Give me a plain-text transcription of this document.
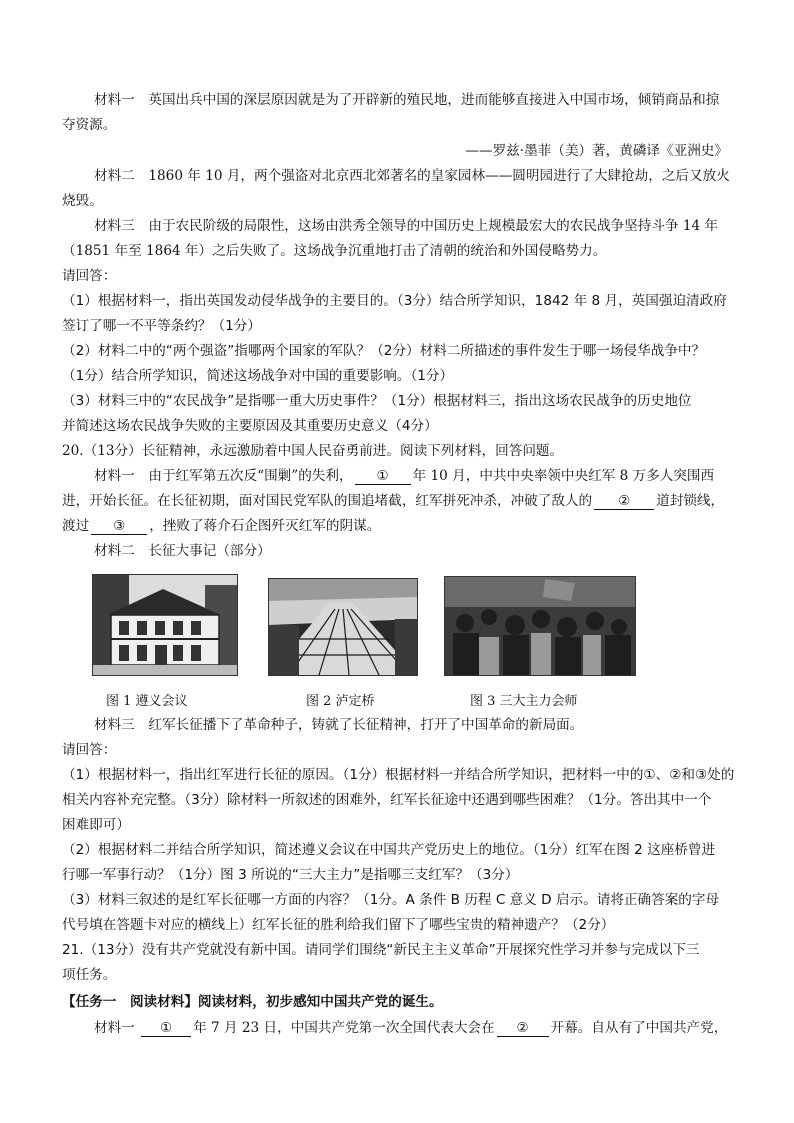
材料一　英国出兵中国的深层原因就是为了开辟新的殖民地，进而能够直接进入中国市场，倾销商品和掠
夺资源。
——罗兹·墨菲（美）著，黄磷译《亚洲史》
材料二　1860 年 10 月，两个强盗对北京西北郊著名的皇家园林——圆明园进行了大肆抢劫，之后又放火
烧毁。
材料三　由于农民阶级的局限性，这场由洪秀全领导的中国历史上规模最宏大的农民战争坚持斗争 14 年
（1851 年至 1864 年）之后失败了。这场战争沉重地打击了清朝的统治和外国侵略势力。
请回答：
（1）根据材料一，指出英国发动侵华战争的主要目的。（3分）结合所学知识，1842 年 8 月，英国强迫清政府
签订了哪一不平等条约？（1分）
（2）材料二中的“两个强盗”指哪两个国家的军队？（2分）材料二所描述的事件发生于哪一场侵华战争中？
（1分）结合所学知识，简述这场战争对中国的重要影响。（1分）
（3）材料三中的“农民战争”是指哪一重大历史事件？（1分）根据材料三，指出这场农民战争的历史地位
并简述这场农民战争失败的主要原因及其重要历史意义（4分）
20.（13分）长征精神，永远激励着中国人民奋勇前进。阅读下列材料，回答问题。
材料一　由于红军第五次反“围剿”的失利， ① 年 10 月，中共中央率领中央红军 8 万多人突围西
进，开始长征。在长征初期，面对国民党军队的围追堵截，红军拼死冲杀，冲破了敌人的 ② 道封锁线，
渡过 ③ ，挫败了蒋介石企图歼灭红军的阴谋。
材料二　长征大事记（部分）
图 1 遵义会议	图 2 泸定桥	图 3 三大主力会师
材料三　红军长征播下了革命种子，铸就了长征精神，打开了中国革命的新局面。
请回答：
（1）根据材料一，指出红军进行长征的原因。（1分）根据材料一并结合所学知识，把材料一中的①、②和③处的
相关内容补充完整。（3分）除材料一所叙述的困难外，红军长征途中还遇到哪些困难？（1分。答出其中一个
困难即可）
（2）根据材料二并结合所学知识，简述遵义会议在中国共产党历史上的地位。（1分）红军在图 2 这座桥曾进
行哪一军事行动？（1分）图 3 所说的“三大主力”是指哪三支红军？（3分）
（3）材料三叙述的是红军长征哪一方面的内容？（1分。A 条件 B 历程 C 意义 D 启示。请将正确答案的字母
代号填在答题卡对应的横线上）红军长征的胜利给我们留下了哪些宝贵的精神遗产？（2分）
21.（13分）没有共产党就没有新中国。请同学们围绕“新民主主义革命”开展探究性学习并参与完成以下三
项任务。
【任务一　阅读材料】阅读材料，初步感知中国共产党的诞生。
材料一 ① 年 7 月 23 日，中国共产党第一次全国代表大会在 ② 开幕。自从有了中国共产党，
